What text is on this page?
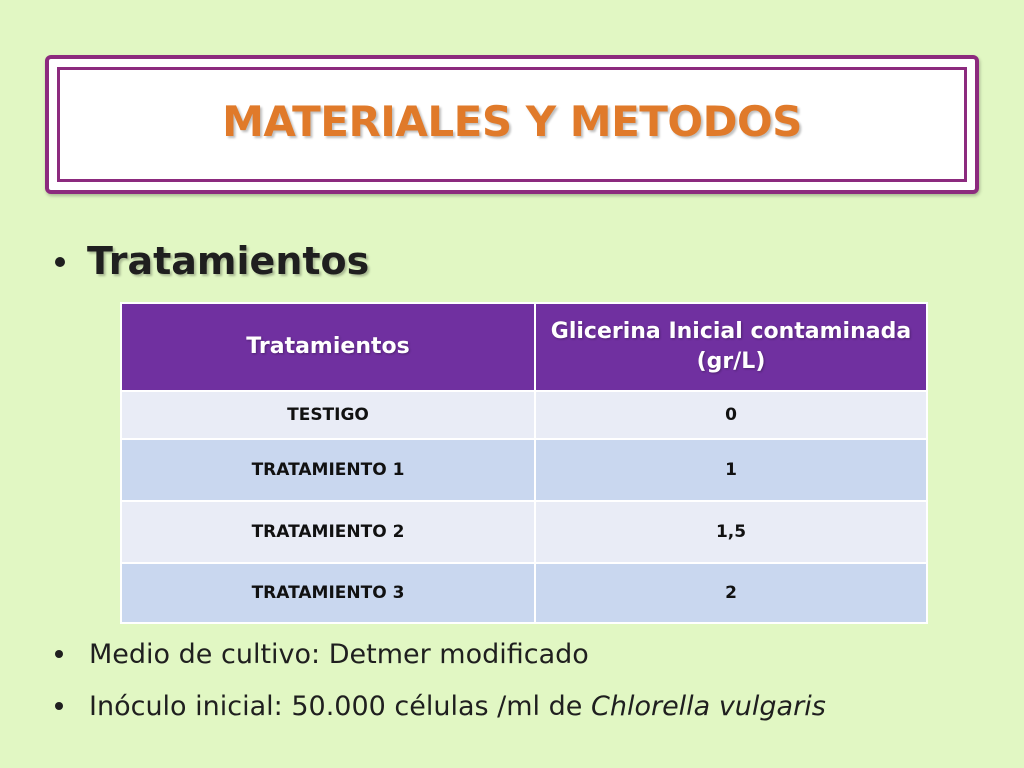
MATERIALES Y METODOS
Tratamientos
Tratamientos	Glicerina Inicial contaminada (gr/L)
TESTIGO	0
TRATAMIENTO 1	1
TRATAMIENTO 2	1,5
TRATAMIENTO 3	2
Medio de cultivo: Detmer modificado
Inóculo inicial: 50.000 células /ml de Chlorella vulgaris
